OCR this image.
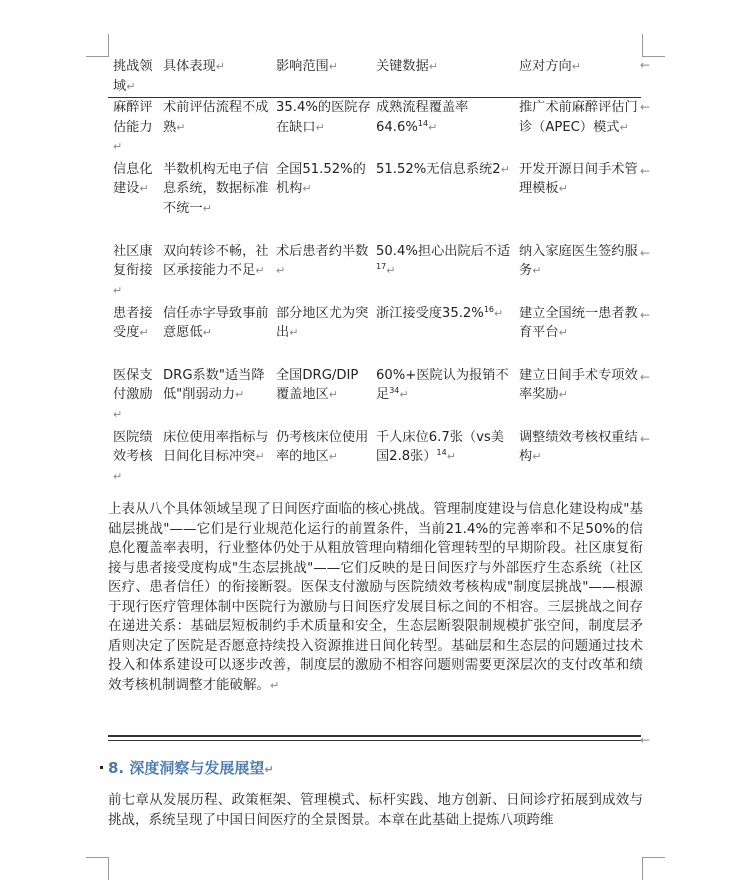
挑战领域↵	具体表现↵	影响范围↵	关键数据↵	应对方向↵
麻醉评估能力↵	术前评估流程不成熟↵	35.4%的医院存在缺口↵	成熟流程覆盖率64.6%$^{14}$↵	推广术前麻醉评估门诊（APEC）模式↵
信息化建设↵	半数机构无电子信息系统，数据标准不统一↵	全国51.52%的机构↵	51.52%无信息系统2↵	开发开源日间手术管理模板↵
社区康复衔接↵	双向转诊不畅，社区承接能力不足↵	术后患者约半数↵	50.4%担心出院后不适$^{17}$↵	纳入家庭医生签约服务↵
患者接受度↵	信任赤字导致事前意愿低↵	部分地区尤为突出↵	浙江接受度35.2%$^{16}$↵	建立全国统一患者教育平台↵
医保支付激励↵	DRG系数"适当降低"削弱动力↵	全国DRG/DIP覆盖地区↵	60%+医院认为报销不足$^{34}$↵	建立日间手术专项效率奖励↵
医院绩效考核↵	床位使用率指标与日间化目标冲突↵	仍考核床位使用率的地区↵	千人床位6.7张（vs美国2.8张）$^{14}$↵	调整绩效考核权重结构↵
←
←
←
←
←
←
←

上表从八个具体领域呈现了日间医疗面临的核心挑战。管理制度建设与信息化建设构成"基础层挑战"——它们是行业规范化运行的前置条件，当前21.4%的完善率和不足50%的信息化覆盖率表明，行业整体仍处于从粗放管理向精细化管理转型的早期阶段。社区康复衔接与患者接受度构成"生态层挑战"——它们反映的是日间医疗与外部医疗生态系统（社区医疗、患者信任）的衔接断裂。医保支付激励与医院绩效考核构成"制度层挑战"——根源于现行医疗管理体制中医院行为激励与日间医疗发展目标之间的不相容。三层挑战之间存在递进关系：基础层短板制约手术质量和安全，生态层断裂限制规模扩张空间，制度层矛盾则决定了医院是否愿意持续投入资源推进日间化转型。基础层和生态层的问题通过技术投入和体系建设可以逐步改善，制度层的激励不相容问题则需要更深层次的支付改革和绩效考核机制调整才能破解。↵

←
8. 深度洞察与发展展望↵

前七章从发展历程、政策框架、管理模式、标杆实践、地方创新、日间诊疗拓展到成效与挑战，系统呈现了中国日间医疗的全景图景。本章在此基础上提炼八项跨维
